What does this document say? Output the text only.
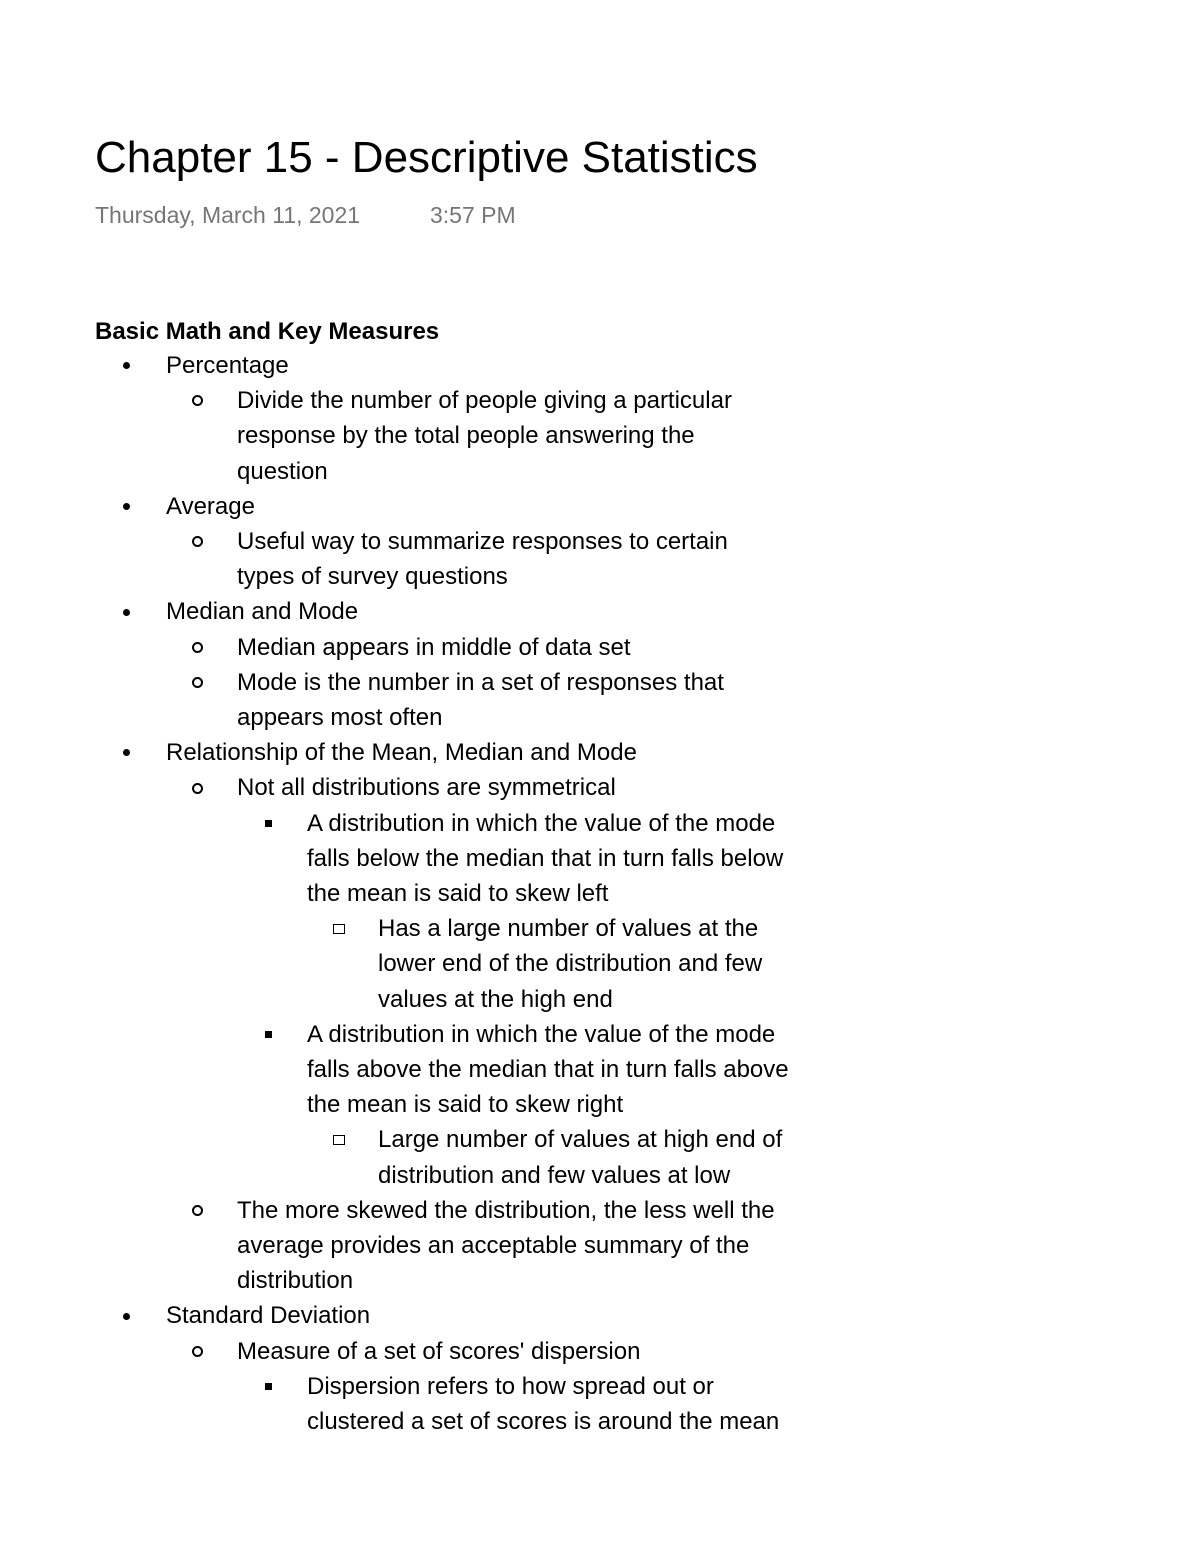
Chapter 15 - Descriptive Statistics
Thursday, March 11, 2021	3:57 PM
Basic Math and Key Measures
Percentage
Divide the number of people giving a particular
response by the total people answering the
question
Average
Useful way to summarize responses to certain
types of survey questions
Median and Mode
Median appears in middle of data set
Mode is the number in a set of responses that
appears most often
Relationship of the Mean, Median and Mode
Not all distributions are symmetrical
A distribution in which the value of the mode
falls below the median that in turn falls below
the mean is said to skew left
Has a large number of values at the
lower end of the distribution and few
values at the high end
A distribution in which the value of the mode
falls above the median that in turn falls above
the mean is said to skew right
Large number of values at high end of
distribution and few values at low
The more skewed the distribution, the less well the
average provides an acceptable summary of the
distribution
Standard Deviation
Measure of a set of scores' dispersion
Dispersion refers to how spread out or
clustered a set of scores is around the mean
